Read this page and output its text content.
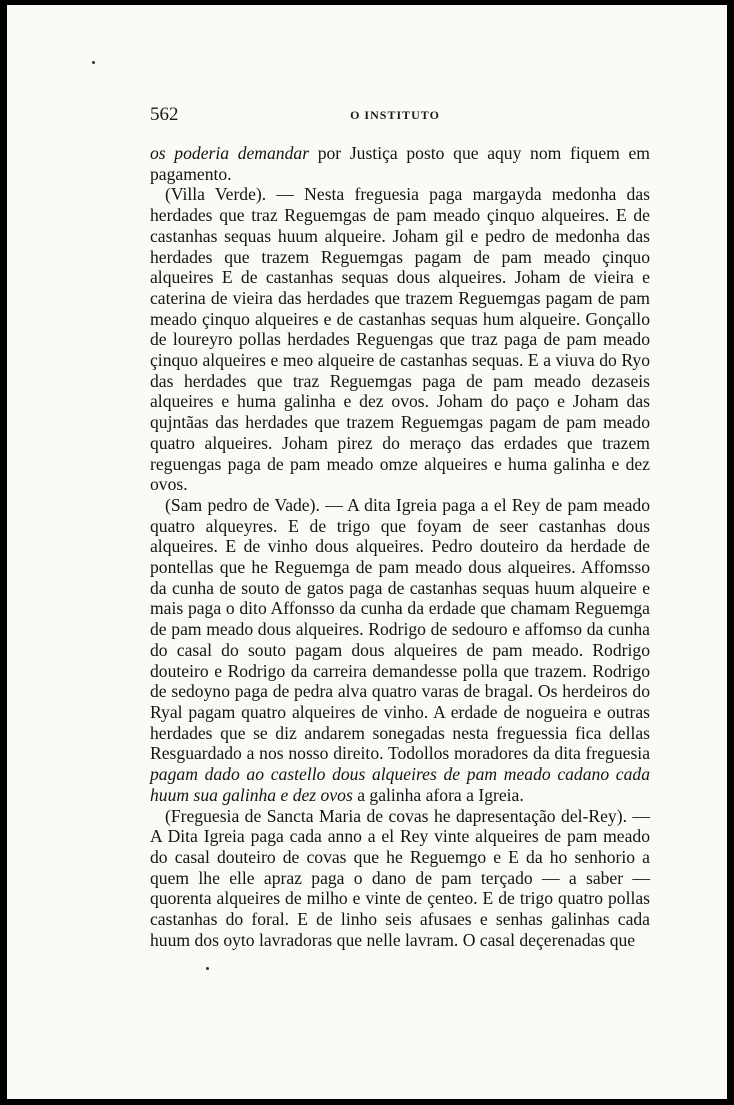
562	O INSTITUTO

os poderia demandar por Justiça posto que aquy nom fiquem em pagamento.

(Villa Verde). — Nesta freguesia paga margayda medonha das herdades que traz Reguemgas de pam meado çinquo alqueires. E de castanhas sequas huum alqueire. Joham gil e pedro de medonha das herdades que trazem Reguemgas pagam de pam meado çinquo alqueires E de castanhas sequas dous alqueires. Joham de vieira e caterina de vieira das herdades que trazem Reguemgas pagam de pam meado çinquo alqueires e de castanhas sequas hum alqueire. Gonçallo de loureyro pollas herdades Reguengas que traz paga de pam meado çinquo alqueires e meo alqueire de castanhas sequas. E a viuva do Ryo das herdades que traz Reguemgas paga de pam meado dezaseis alqueires e huma galinha e dez ovos. Joham do paço e Joham das qujntãas das herdades que trazem Reguemgas pagam de pam meado quatro alqueires. Joham pirez do meraço das erdades que trazem reguengas paga de pam meado omze alqueires e huma galinha e dez ovos.

(Sam pedro de Vade). — A dita Igreia paga a el Rey de pam meado quatro alqueyres. E de trigo que foyam de seer castanhas dous alqueires. E de vinho dous alqueires. Pedro douteiro da herdade de pontellas que he Reguemga de pam meado dous alqueires. Affomsso da cunha de souto de gatos paga de castanhas sequas huum alqueire e mais paga o dito Affonsso da cunha da erdade que chamam Reguemga de pam meado dous alqueires. Rodrigo de sedouro e affomso da cunha do casal do souto pagam dous alqueires de pam meado. Rodrigo douteiro e Rodrigo da carreira demandesse polla que trazem. Rodrigo de sedoyno paga de pedra alva quatro varas de bragal. Os herdeiros do Ryal pagam quatro alqueires de vinho. A erdade de nogueira e outras herdades que se diz andarem sonegadas nesta freguessia fica dellas Resguardado a nos nosso direito. Todollos moradores da dita freguesia pagam dado ao castello dous alqueires de pam meado cadano cada huum sua galinha e dez ovos a galinha afora a Igreia.

(Freguesia de Sancta Maria de covas he dapresentação del-Rey). — A Dita Igreia paga cada anno a el Rey vinte alqueires de pam meado do casal douteiro de covas que he Reguemgo e E da ho senhorio a quem lhe elle apraz paga o dano de pam terçado — a saber — quorenta alqueires de milho e vinte de çenteo. E de trigo quatro pollas castanhas do foral. E de linho seis afusaes e senhas galinhas cada huum dos oyto lavradoras que nelle lavram. O casal deçerenadas que
